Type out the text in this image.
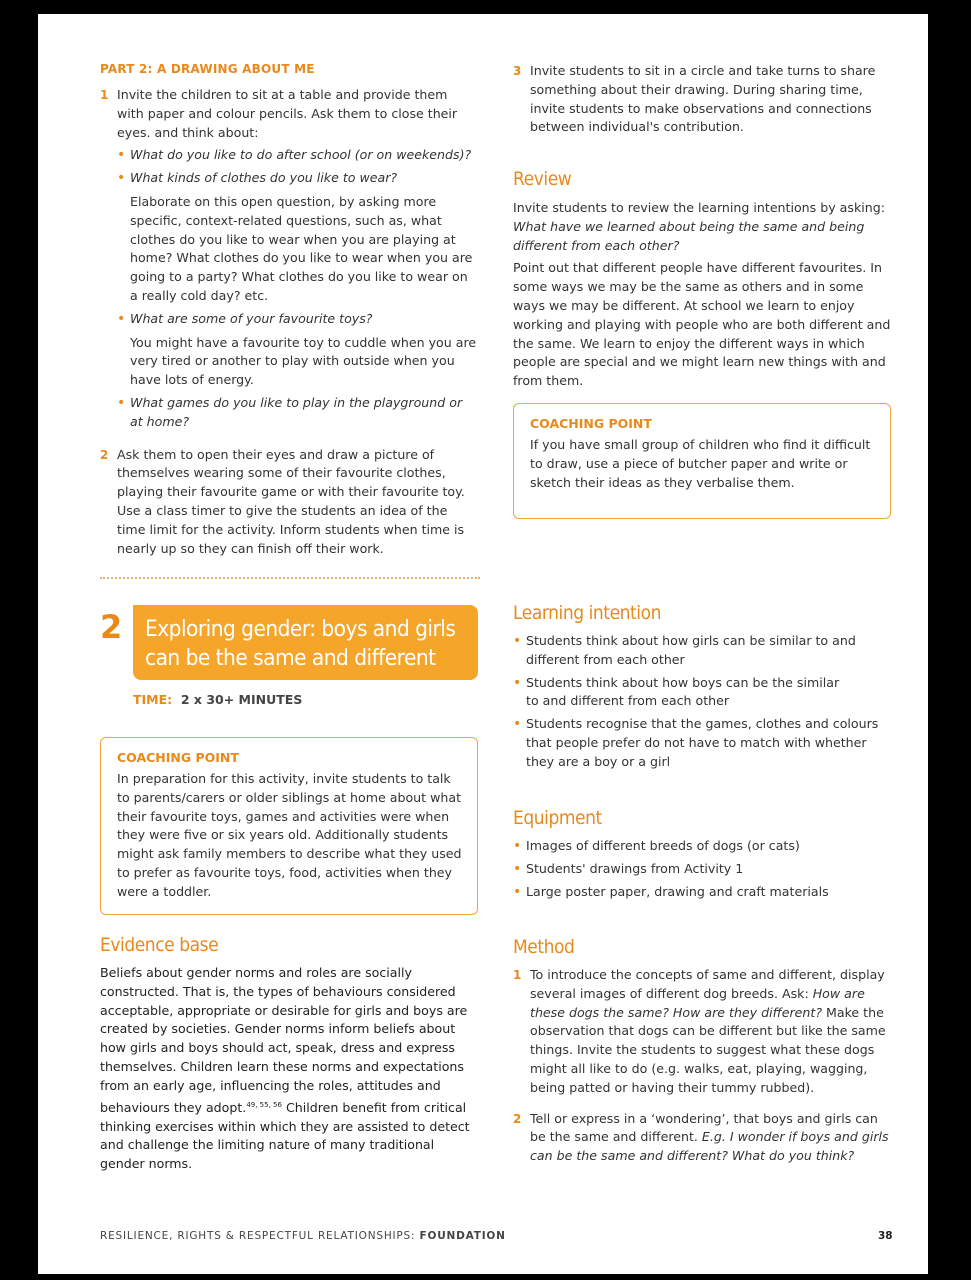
PART 2: A DRAWING ABOUT ME
1 Invite the children to sit at a table and provide them with paper and colour pencils. Ask them to close their eyes. and think about:

• What do you like to do after school (or on weekends)?
• What kinds of clothes do you like to wear?

Elaborate on this open question, by asking more specific, context-related questions, such as, what clothes do you like to wear when you are playing at home? What clothes do you like to wear when you are going to a party? What clothes do you like to wear on a really cold day? etc.

• What are some of your favourite toys?

You might have a favourite toy to cuddle when you are very tired or another to play with outside when you have lots of energy.

• What games do you like to play in the playground or at home?
2 Ask them to open their eyes and draw a picture of themselves wearing some of their favourite clothes, playing their favourite game or with their favourite toy. Use a class timer to give the students an idea of the time limit for the activity. Inform students when time is nearly up so they can finish off their work.

3 Invite students to sit in a circle and take turns to share something about their drawing. During sharing time, invite students to make observations and connections between individual's contribution.

Review

Invite students to review the learning intentions by asking: What have we learned about being the same and being different from each other?

Point out that different people have different favourites. In some ways we may be the same as others and in some ways we may be different. At school we learn to enjoy working and playing with people who are both different and the same. We learn to enjoy the different ways in which people are special and we might learn new things with and from them.

COACHING POINT

If you have small group of children who find it difficult to draw, use a piece of butcher paper and write or sketch their ideas as they verbalise them.

2 Exploring gender: boys and girls
can be the same and different
TIME: 2 x 30+ MINUTES
COACHING POINT

In preparation for this activity, invite students to talk to parents/carers or older siblings at home about what their favourite toys, games and activities were when they were five or six years old. Additionally students might ask family members to describe what they used to prefer as favourite toys, food, activities when they were a toddler.

Evidence base

Beliefs about gender norms and roles are socially constructed. That is, the types of behaviours considered acceptable, appropriate or desirable for girls and boys are created by societies. Gender norms inform beliefs about how girls and boys should act, speak, dress and express themselves. Children learn these norms and expectations from an early age, influencing the roles, attitudes and behaviours they adopt.$^{49, 55, 56}$ Children benefit from critical thinking exercises within which they are assisted to detect and challenge the limiting nature of many traditional gender norms.

Learning intention
• Students think about how girls can be similar to and different from each other
• Students think about how boys can be the similar to and different from each other
• Students recognise that the games, clothes and colours that people prefer do not have to match with whether they are a boy or a girl
Equipment
• Images of different breeds of dogs (or cats)
• Students' drawings from Activity 1
• Large poster paper, drawing and craft materials
Method
1 To introduce the concepts of same and different, display several images of different dog breeds. Ask: How are these dogs the same? How are they different? Make the observation that dogs can be different but like the same things. Invite the students to suggest what these dogs might all like to do (e.g. walks, eat, playing, wagging, being patted or having their tummy rubbed).

2 Tell or express in a ‘wondering’, that boys and girls can be the same and different. E.g. I wonder if boys and girls can be the same and different? What do you think?

RESILIENCE, RIGHTS & RESPECTFUL RELATIONSHIPS: FOUNDATION	38
